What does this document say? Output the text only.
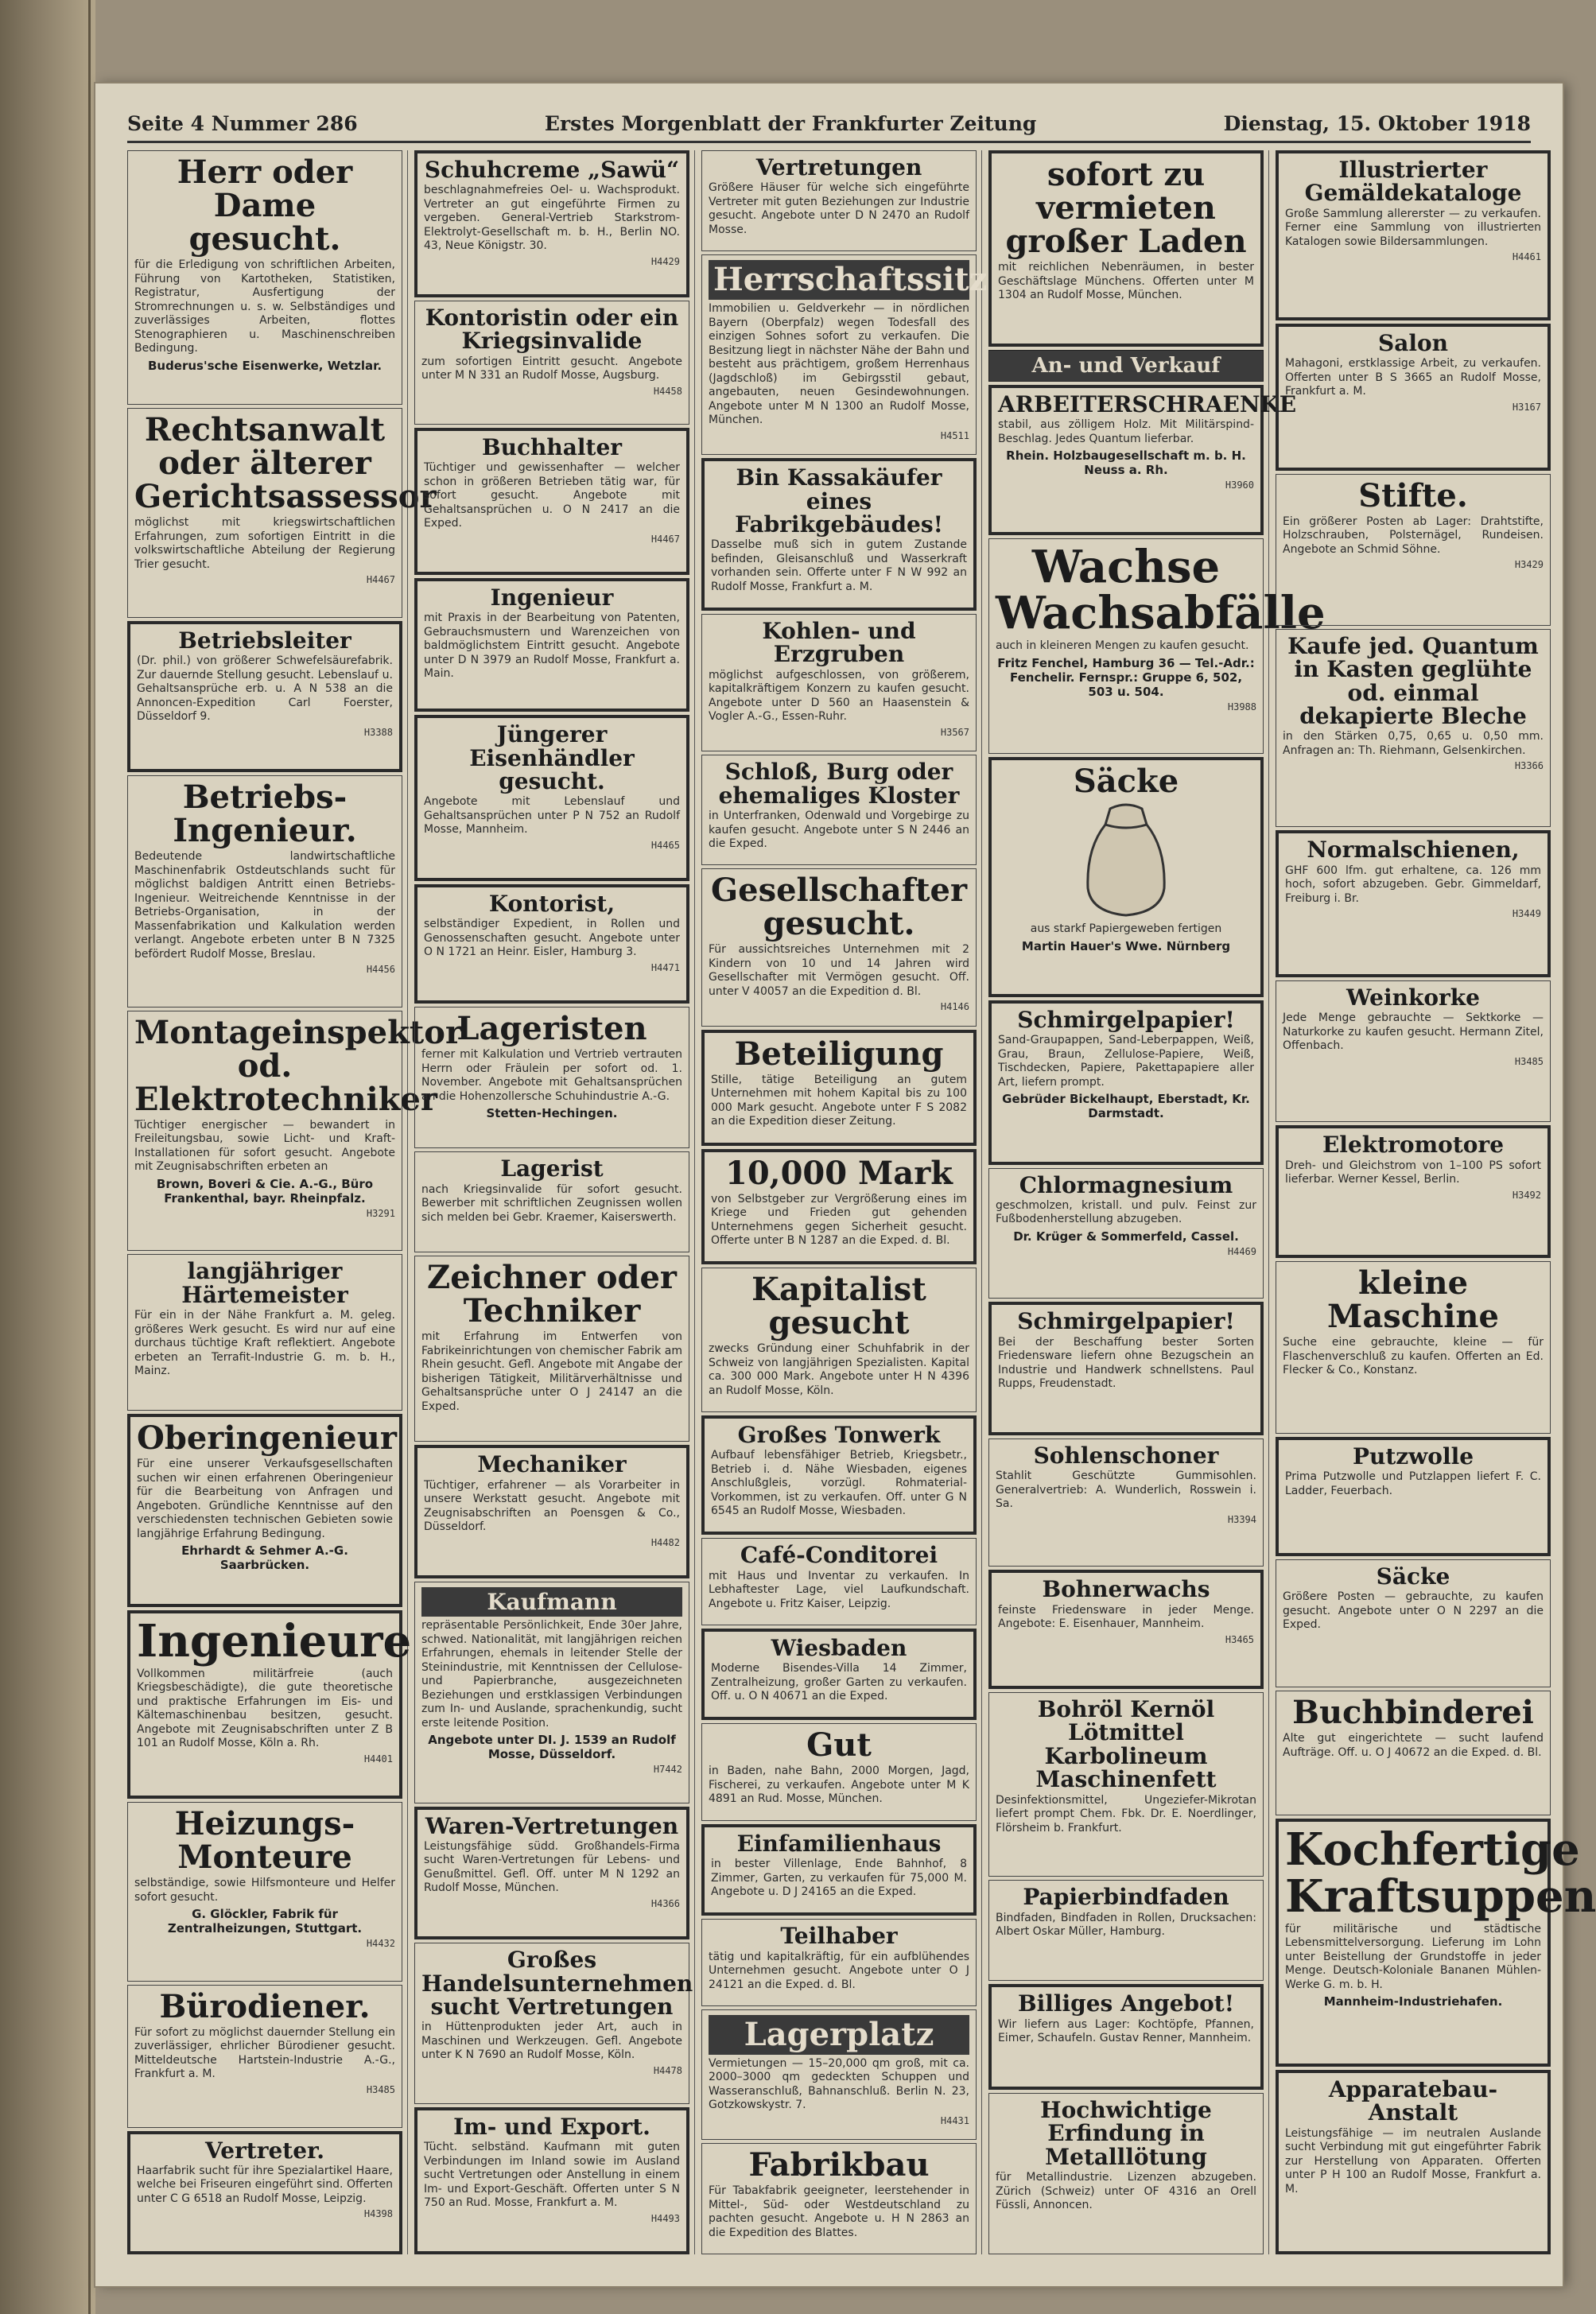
Seite 4 Nummer 286	Erstes Morgenblatt der Frankfurter Zeitung	Dienstag, 15. Oktober 1918
Herr oder Dame gesucht.
für die Erledigung von schriftlichen Arbeiten, Führung von Kartotheken, Statistiken, Registratur, Ausfertigung der Stromrechnungen u. s. w. Selbständiges und zuverlässiges Arbeiten, flottes Stenographieren u. Maschinenschreiben Bedingung.
Buderus'sche Eisenwerke, Wetzlar.
Rechtsanwalt oder älterer Gerichtsassessor
möglichst mit kriegswirtschaftlichen Erfahrungen, zum sofortigen Eintritt in die volkswirtschaftliche Abteilung der Regierung Trier gesucht.
H4467
Betriebsleiter
(Dr. phil.) von größerer Schwefelsäurefabrik. Zur dauernde Stellung gesucht. Lebenslauf u. Gehaltsansprüche erb. u. A N 538 an die Annoncen-Expedition Carl Foerster, Düsseldorf 9.
H3388
Betriebs-Ingenieur.
Bedeutende landwirtschaftliche Maschinenfabrik Ostdeutschlands sucht für möglichst baldigen Antritt einen Betriebs-Ingenieur. Weitreichende Kenntnisse in der Betriebs-Organisation, in der Massenfabrikation und Kalkulation werden verlangt. Angebote erbeten unter B N 7325 befördert Rudolf Mosse, Breslau.
H4456
Montageinspektor od. Elektrotechniker
Tüchtiger energischer — bewandert in Freileitungsbau, sowie Licht- und Kraft-Installationen für sofort gesucht. Angebote mit Zeugnisabschriften erbeten an
Brown, Boveri & Cie. A.-G., Büro Frankenthal, bayr. Rheinpfalz.
H3291
langjähriger Härtemeister
Für ein in der Nähe Frankfurt a. M. geleg. größeres Werk gesucht. Es wird nur auf eine durchaus tüchtige Kraft reflektiert. Angebote erbeten an Terrafit-Industrie G. m. b. H., Mainz.
Oberingenieur
Für eine unserer Verkaufsgesellschaften suchen wir einen erfahrenen Oberingenieur für die Bearbeitung von Anfragen und Angeboten. Gründliche Kenntnisse auf den verschiedensten technischen Gebieten sowie langjährige Erfahrung Bedingung.
Ehrhardt & Sehmer A.-G. Saarbrücken.
Ingenieure
Vollkommen militärfreie (auch Kriegsbeschädigte), die gute theoretische und praktische Erfahrungen im Eis- und Kältemaschinenbau besitzen, gesucht. Angebote mit Zeugnisabschriften unter Z B 101 an Rudolf Mosse, Köln a. Rh.
H4401
Heizungs-Monteure
selbständige, sowie Hilfsmonteure und Helfer sofort gesucht.
G. Glöckler, Fabrik für Zentralheizungen, Stuttgart.
H4432
Bürodiener.
Für sofort zu möglichst dauernder Stellung ein zuverlässiger, ehrlicher Bürodiener gesucht. Mitteldeutsche Hartstein-Industrie A.-G., Frankfurt a. M.
H3485
Vertreter.
Haarfabrik sucht für ihre Spezialartikel Haare, welche bei Friseuren eingeführt sind. Offerten unter C G 6518 an Rudolf Mosse, Leipzig.
H4398
Schuhcreme „Sawü“
beschlagnahmefreies Oel- u. Wachsprodukt. Vertreter an gut eingeführte Firmen zu vergeben. General-Vertrieb Starkstrom-Elektrolyt-Gesellschaft m. b. H., Berlin NO. 43, Neue Königstr. 30.
H4429
Kontoristin oder ein Kriegsinvalide
zum sofortigen Eintritt gesucht. Angebote unter M N 331 an Rudolf Mosse, Augsburg.
H4458
Buchhalter
Tüchtiger und gewissenhafter — welcher schon in größeren Betrieben tätig war, für sofort gesucht. Angebote mit Gehaltsansprüchen u. O N 2417 an die Exped.
H4467
Ingenieur
mit Praxis in der Bearbeitung von Patenten, Gebrauchsmustern und Warenzeichen von baldmöglichstem Eintritt gesucht. Angebote unter D N 3979 an Rudolf Mosse, Frankfurt a. Main.
Jüngerer Eisenhändler gesucht.
Angebote mit Lebenslauf und Gehaltsansprüchen unter P N 752 an Rudolf Mosse, Mannheim.
H4465
Kontorist,
selbständiger Expedient, in Rollen und Genossenschaften gesucht. Angebote unter O N 1721 an Heinr. Eisler, Hamburg 3.
H4471
Lageristen
ferner mit Kalkulation und Vertrieb vertrauten Herrn oder Fräulein per sofort od. 1. November. Angebote mit Gehaltsansprüchen an die Hohenzollersche Schuhindustrie A.-G.
Stetten-Hechingen.
Lagerist
nach Kriegsinvalide für sofort gesucht. Bewerber mit schriftlichen Zeugnissen wollen sich melden bei Gebr. Kraemer, Kaiserswerth.
Zeichner oder Techniker
mit Erfahrung im Entwerfen von Fabrikeinrichtungen von chemischer Fabrik am Rhein gesucht. Gefl. Angebote mit Angabe der bisherigen Tätigkeit, Militärverhältnisse und Gehaltsansprüche unter O J 24147 an die Exped.
Mechaniker
Tüchtiger, erfahrener — als Vorarbeiter in unsere Werkstatt gesucht. Angebote mit Zeugnisabschriften an Poensgen & Co., Düsseldorf.
H4482
Kaufmann
repräsentable Persönlichkeit, Ende 30er Jahre, schwed. Nationalität, mit langjährigen reichen Erfahrungen, ehemals in leitender Stelle der Steinindustrie, mit Kenntnissen der Cellulose- und Papierbranche, ausgezeichneten Beziehungen und erstklassigen Verbindungen zum In- und Auslande, sprachenkundig, sucht erste leitende Position.
Angebote unter DI. J. 1539 an Rudolf Mosse, Düsseldorf.
H7442
Waren-Vertretungen
Leistungsfähige südd. Großhandels-Firma sucht Waren-Vertretungen für Lebens- und Genußmittel. Gefl. Off. unter M N 1292 an Rudolf Mosse, München.
H4366
Großes Handelsunternehmen sucht Vertretungen
in Hüttenprodukten jeder Art, auch in Maschinen und Werkzeugen. Gefl. Angebote unter K N 7690 an Rudolf Mosse, Köln.
H4478
Im- und Export.
Tücht. selbständ. Kaufmann mit guten Verbindungen im Inland sowie im Ausland sucht Vertretungen oder Anstellung in einem Im- und Export-Geschäft. Offerten unter S N 750 an Rud. Mosse, Frankfurt a. M.
H4493
Vertretungen
Größere Häuser für welche sich eingeführte Vertreter mit guten Beziehungen zur Industrie gesucht. Angebote unter D N 2470 an Rudolf Mosse.
Herrschaftssitz
Immobilien u. Geldverkehr — in nördlichen Bayern (Oberpfalz) wegen Todesfall des einzigen Sohnes sofort zu verkaufen. Die Besitzung liegt in nächster Nähe der Bahn und besteht aus prächtigem, großem Herrenhaus (Jagdschloß) im Gebirgsstil gebaut, angebauten, neuen Gesindewohnungen. Angebote unter M N 1300 an Rudolf Mosse, München.
H4511
Bin Kassakäufer eines Fabrikgebäudes!
Dasselbe muß sich in gutem Zustande befinden, Gleisanschluß und Wasserkraft vorhanden sein. Offerte unter F N W 992 an Rudolf Mosse, Frankfurt a. M.
Kohlen- und Erzgruben
möglichst aufgeschlossen, von größerem, kapitalkräftigem Konzern zu kaufen gesucht. Angebote unter D 560 an Haasenstein & Vogler A.-G., Essen-Ruhr.
H3567
Schloß, Burg oder ehemaliges Kloster
in Unterfranken, Odenwald und Vorgebirge zu kaufen gesucht. Angebote unter S N 2446 an die Exped.
Gesellschafter gesucht.
Für aussichtsreiches Unternehmen mit 2 Kindern von 10 und 14 Jahren wird Gesellschafter mit Vermögen gesucht. Off. unter V 40057 an die Expedition d. Bl.
H4146
Beteiligung
Stille, tätige Beteiligung an gutem Unternehmen mit hohem Kapital bis zu 100 000 Mark gesucht. Angebote unter F S 2082 an die Expedition dieser Zeitung.
10,000 Mark
von Selbstgeber zur Vergrößerung eines im Kriege und Frieden gut gehenden Unternehmens gegen Sicherheit gesucht. Offerte unter B N 1287 an die Exped. d. Bl.
Kapitalist gesucht
zwecks Gründung einer Schuhfabrik in der Schweiz von langjährigen Spezialisten. Kapital ca. 300 000 Mark. Angebote unter H N 4396 an Rudolf Mosse, Köln.
Großes Tonwerk
Aufbauf lebensfähiger Betrieb, Kriegsbetr., Betrieb i. d. Nähe Wiesbaden, eigenes Anschlußgleis, vorzügl. Rohmaterial-Vorkommen, ist zu verkaufen. Off. unter G N 6545 an Rudolf Mosse, Wiesbaden.
Café-Conditorei
mit Haus und Inventar zu verkaufen. In Lebhaftester Lage, viel Laufkundschaft. Angebote u. Fritz Kaiser, Leipzig.
Wiesbaden
Moderne Bisendes-Villa 14 Zimmer, Zentralheizung, großer Garten zu verkaufen. Off. u. O N 40671 an die Exped.
Gut
in Baden, nahe Bahn, 2000 Morgen, Jagd, Fischerei, zu verkaufen. Angebote unter M K 4891 an Rud. Mosse, München.
Einfamilienhaus
in bester Villenlage, Ende Bahnhof, 8 Zimmer, Garten, zu verkaufen für 75,000 M. Angebote u. D J 24165 an die Exped.
Teilhaber
tätig und kapitalkräftig, für ein aufblühendes Unternehmen gesucht. Angebote unter O J 24121 an die Exped. d. Bl.
Lagerplatz
Vermietungen — 15–20,000 qm groß, mit ca. 2000–3000 qm gedeckten Schuppen und Wasseranschluß, Bahnanschluß. Berlin N. 23, Gotzkowskystr. 7.
H4431
Fabrikbau
Für Tabakfabrik geeigneter, leerstehender in Mittel-, Süd- oder Westdeutschland zu pachten gesucht. Angebote u. H N 2863 an die Expedition des Blattes.
sofort zu vermieten großer Laden
mit reichlichen Nebenräumen, in bester Geschäftslage Münchens. Offerten unter M 1304 an Rudolf Mosse, München.
An- und Verkauf
ARBEITERSCHRAENKE
stabil, aus zölligem Holz. Mit Militärspind-Beschlag. Jedes Quantum lieferbar.
Rhein. Holzbaugesellschaft m. b. H. Neuss a. Rh.
H3960
Wachse Wachsabfälle
auch in kleineren Mengen zu kaufen gesucht.
Fritz Fenchel, Hamburg 36 — Tel.-Adr.: Fenchelir. Fernspr.: Gruppe 6, 502, 503 u. 504.
H3988
Säcke
aus starkf Papiergeweben fertigen
Martin Hauer's Wwe. Nürnberg
Schmirgelpapier!
Sand-Graupappen, Sand-Leberpappen, Weiß, Grau, Braun, Zellulose-Papiere, Weiß, Tischdecken, Papiere, Pakettapapiere aller Art, liefern prompt.
Gebrüder Bickelhaupt, Eberstadt, Kr. Darmstadt.
Chlormagnesium
geschmolzen, kristall. und pulv. Feinst zur Fußbodenherstellung abzugeben.
Dr. Krüger & Sommerfeld, Cassel.
H4469
Schmirgelpapier!
Bei der Beschaffung bester Sorten Friedensware liefern ohne Bezugschein an Industrie und Handwerk schnellstens. Paul Rupps, Freudenstadt.
Sohlenschoner
Stahlit Geschützte Gummisohlen. Generalvertrieb: A. Wunderlich, Rosswein i. Sa.
H3394
Bohnerwachs
feinste Friedensware in jeder Menge. Angebote: E. Eisenhauer, Mannheim.
H3465
Bohröl Kernöl Lötmittel Karbolineum Maschinenfett
Desinfektionsmittel, Ungeziefer-Mikrotan liefert prompt Chem. Fbk. Dr. E. Noerdlinger, Flörsheim b. Frankfurt.
Papierbindfaden
Bindfaden, Bindfaden in Rollen, Drucksachen: Albert Oskar Müller, Hamburg.
Billiges Angebot!
Wir liefern aus Lager: Kochtöpfe, Pfannen, Eimer, Schaufeln. Gustav Renner, Mannheim.
Hochwichtige Erfindung in Metalllötung
für Metallindustrie. Lizenzen abzugeben. Zürich (Schweiz) unter OF 4316 an Orell Füssli, Annoncen.
Illustrierter Gemäldekataloge
Große Sammlung allererster — zu verkaufen. Ferner eine Sammlung von illustrierten Katalogen sowie Bildersammlungen.
H4461
Salon
Mahagoni, erstklassige Arbeit, zu verkaufen. Offerten unter B S 3665 an Rudolf Mosse, Frankfurt a. M.
H3167
Stifte.
Ein größerer Posten ab Lager: Drahtstifte, Holzschrauben, Polsternägel, Rundeisen. Angebote an Schmid Söhne.
H3429
Kaufe jed. Quantum in Kasten geglühte od. einmal dekapierte Bleche
in den Stärken 0,75, 0,65 u. 0,50 mm. Anfragen an: Th. Riehmann, Gelsenkirchen.
H3366
Normalschienen,
GHF 600 lfm. gut erhaltene, ca. 126 mm hoch, sofort abzugeben. Gebr. Gimmeldarf, Freiburg i. Br.
H3449
Weinkorke
Jede Menge gebrauchte — Sektkorke — Naturkorke zu kaufen gesucht. Hermann Zitel, Offenbach.
H3485
Elektromotore
Dreh- und Gleichstrom von 1–100 PS sofort lieferbar. Werner Kessel, Berlin.
H3492
kleine Maschine
Suche eine gebrauchte, kleine — für Flaschenverschluß zu kaufen. Offerten an Ed. Flecker & Co., Konstanz.
Putzwolle
Prima Putzwolle und Putzlappen liefert F. C. Ladder, Feuerbach.
Säcke
Größere Posten — gebrauchte, zu kaufen gesucht. Angebote unter O N 2297 an die Exped.
Buchbinderei
Alte gut eingerichtete — sucht laufend Aufträge. Off. u. O J 40672 an die Exped. d. Bl.
Kochfertige Kraftsuppen
für militärische und städtische Lebensmittelversorgung. Lieferung im Lohn unter Beistellung der Grundstoffe in jeder Menge. Deutsch-Koloniale Bananen Mühlen-Werke G. m. b. H.
Mannheim-Industriehafen.
Apparatebau-Anstalt
Leistungsfähige — im neutralen Auslande sucht Verbindung mit gut eingeführter Fabrik zur Herstellung von Apparaten. Offerten unter P H 100 an Rudolf Mosse, Frankfurt a. M.
